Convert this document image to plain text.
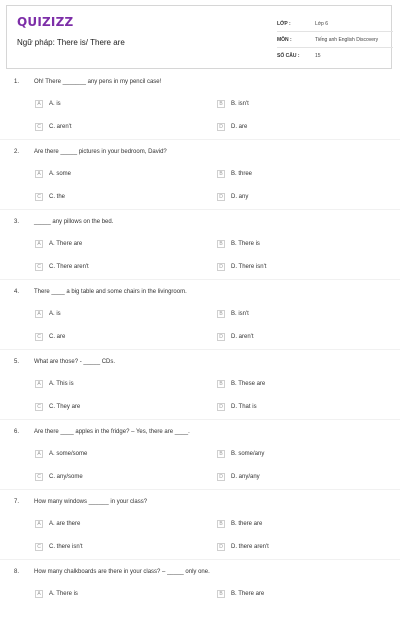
QUIZIZZ
Ngữ pháp: There is/ There are
LỚP :	Lớp 6
MÔN :	Tiếng anh English Discovery
SỐ CÂU :	15
1. Oh! There _______ any pens in my pencil case!
A	A. is	B	B. isn't
C	C. aren't	D	D. are
2. Are there _____ pictures in your bedroom, David?
A	A. some	B	B. three
C	C. the	D	D. any
3. _____ any pillows on the bed.
A	A. There are	B	B. There is
C	C. There aren't	D	D. There isn't
4. There ____ a big table and some chairs in the livingroom.
A	A. is	B	B. isn't
C	C. are	D	D. aren't
5. What are those? - _____ CDs.
A	A. This is	B	B. These are
C	C. They are	D	D. That is
6. Are there ____ apples in the fridge? – Yes, there are ____.
A	A. some/some	B	B. some/any
C	C. any/some	D	D. any/any
7. How many windows ______ in your class?
A	A. are there	B	B. there are
C	C. there isn't	D	D. there aren't
8. How many chalkboards are there in your class? – _____ only one.
A	A. There is	B	B. There are
